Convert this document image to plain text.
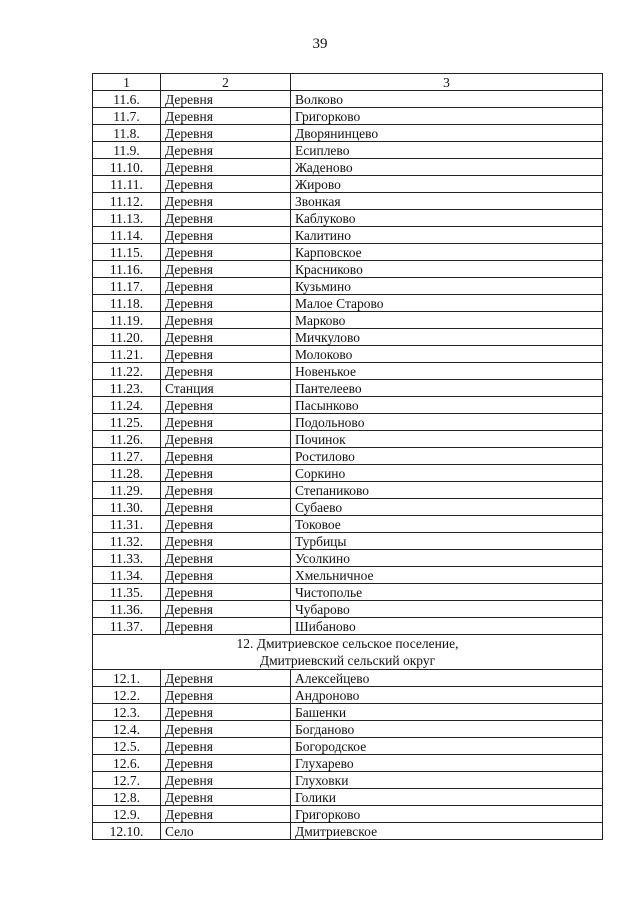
39
1	2	3
11.6.	Деревня	Волково
11.7.	Деревня	Григорково
11.8.	Деревня	Дворянинцево
11.9.	Деревня	Есиплево
11.10.	Деревня	Жаденово
11.11.	Деревня	Жирово
11.12.	Деревня	Звонкая
11.13.	Деревня	Каблуково
11.14.	Деревня	Калитино
11.15.	Деревня	Карповское
11.16.	Деревня	Красниково
11.17.	Деревня	Кузьмино
11.18.	Деревня	Малое Старово
11.19.	Деревня	Марково
11.20.	Деревня	Мичкулово
11.21.	Деревня	Молоково
11.22.	Деревня	Новенькое
11.23.	Станция	Пантелеево
11.24.	Деревня	Пасынково
11.25.	Деревня	Подольново
11.26.	Деревня	Починок
11.27.	Деревня	Ростилово
11.28.	Деревня	Соркино
11.29.	Деревня	Степаниково
11.30.	Деревня	Субаево
11.31.	Деревня	Токовое
11.32.	Деревня	Турбицы
11.33.	Деревня	Усолкино
11.34.	Деревня	Хмельничное
11.35.	Деревня	Чистополье
11.36.	Деревня	Чубарово
11.37.	Деревня	Шибаново

12. Дмитриевское сельское поселение,
Дмитриевский сельский округ		

12.1.	Деревня	Алексейцево
12.2.	Деревня	Андроново
12.3.	Деревня	Башенки
12.4.	Деревня	Богданово
12.5.	Деревня	Богородское
12.6.	Деревня	Глухарево
12.7.	Деревня	Глуховки
12.8.	Деревня	Голики
12.9.	Деревня	Григорково
12.10.	Село	Дмитриевское
